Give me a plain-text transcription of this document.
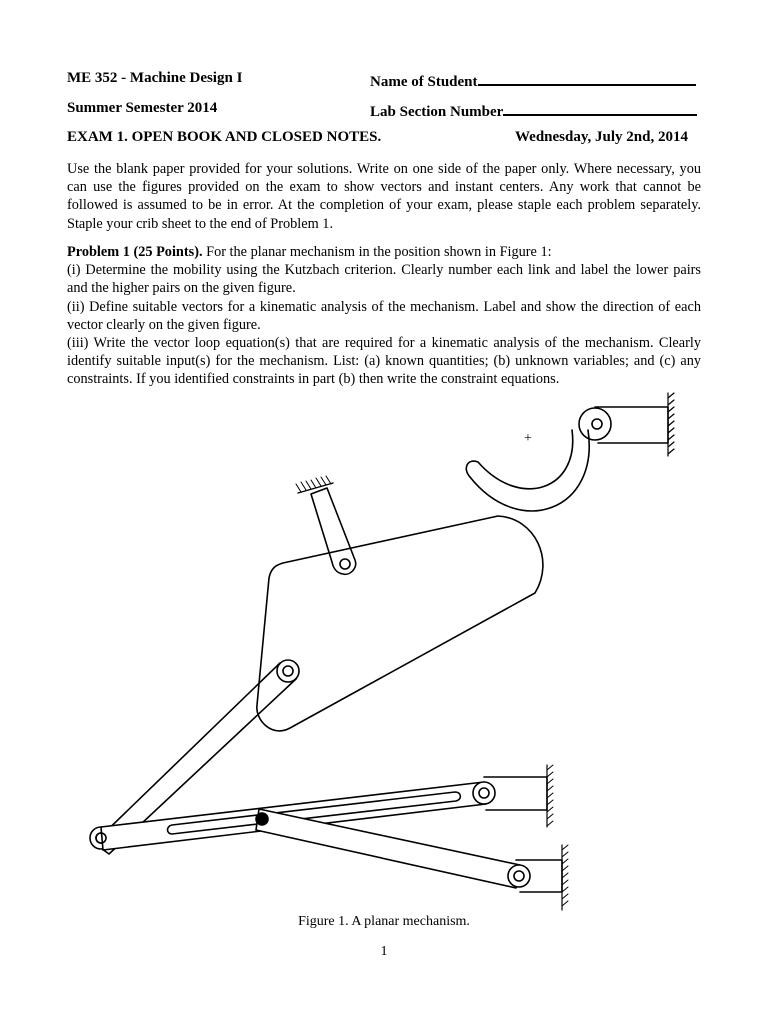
ME 352 - Machine Design I	Name of Student
Summer Semester 2014	Lab Section Number
EXAM 1. OPEN BOOK AND CLOSED NOTES.	Wednesday, July 2nd, 2014

Use the blank paper provided for your solutions. Write on one side of the paper only. Where necessary, you can use the figures provided on the exam to show vectors and instant centers. Any work that cannot be followed is assumed to be in error. At the completion of your exam, please staple each problem separately. Staple your crib sheet to the end of Problem 1.

Problem 1 (25 Points). For the planar mechanism in the position shown in Figure 1:

(i) Determine the mobility using the Kutzbach criterion. Clearly number each link and label the lower pairs and the higher pairs on the given figure.

(ii) Define suitable vectors for a kinematic analysis of the mechanism. Label and show the direction of each vector clearly on the given figure.

(iii) Write the vector loop equation(s) that are required for a kinematic analysis of the mechanism. Clearly identify suitable input(s) for the mechanism. List: (a) known quantities; (b) unknown variables; and (c) any constraints. If you identified constraints in part (b) then write the constraint equations.

+
Figure 1. A planar mechanism.
1
